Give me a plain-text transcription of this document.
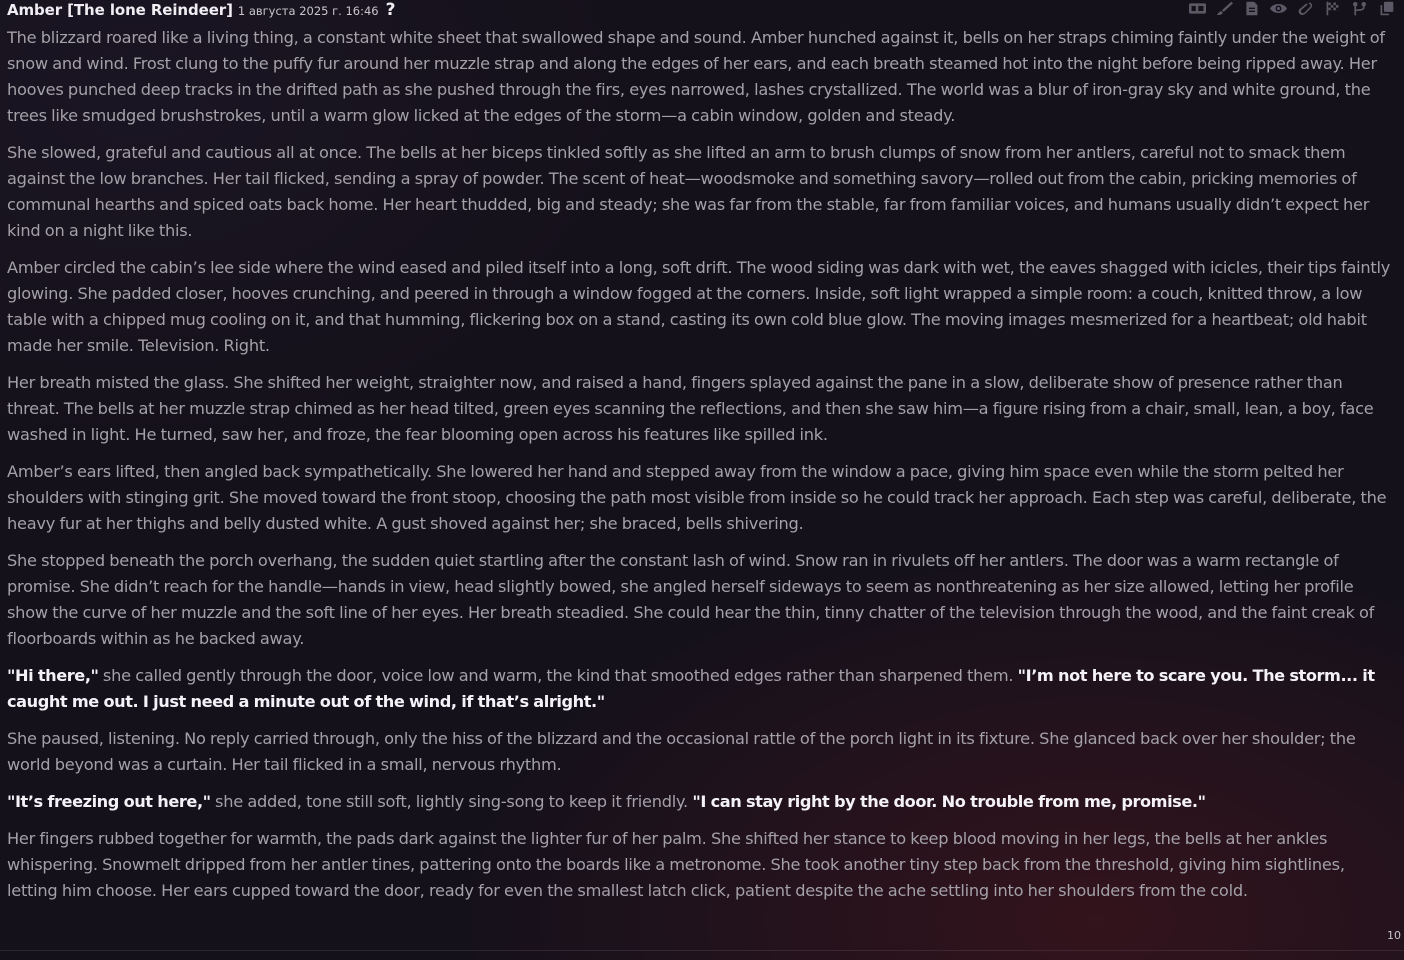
Amber [The lone Reindeer] 1 августа 2025 г. 16:46 ?

The blizzard roared like a living thing, a constant white sheet that swallowed shape and sound. Amber hunched against it, bells on her straps chiming faintly under the weight of snow and wind. Frost clung to the puffy fur around her muzzle strap and along the edges of her ears, and each breath steamed hot into the night before being ripped away. Her hooves punched deep tracks in the drifted path as she pushed through the firs, eyes narrowed, lashes crystallized. The world was a blur of iron-gray sky and white ground, the trees like smudged brushstrokes, until a warm glow licked at the edges of the storm—a cabin window, golden and steady.

She slowed, grateful and cautious all at once. The bells at her biceps tinkled softly as she lifted an arm to brush clumps of snow from her antlers, careful not to smack them against the low branches. Her tail flicked, sending a spray of powder. The scent of heat—woodsmoke and something savory—rolled out from the cabin, pricking memories of communal hearths and spiced oats back home. Her heart thudded, big and steady; she was far from the stable, far from familiar voices, and humans usually didn’t expect her kind on a night like this.

Amber circled the cabin’s lee side where the wind eased and piled itself into a long, soft drift. The wood siding was dark with wet, the eaves shagged with icicles, their tips faintly glowing. She padded closer, hooves crunching, and peered in through a window fogged at the corners. Inside, soft light wrapped a simple room: a couch, knitted throw, a low table with a chipped mug cooling on it, and that humming, flickering box on a stand, casting its own cold blue glow. The moving images mesmerized for a heartbeat; old habit made her smile. Television. Right.

Her breath misted the glass. She shifted her weight, straighter now, and raised a hand, fingers splayed against the pane in a slow, deliberate show of presence rather than threat. The bells at her muzzle strap chimed as her head tilted, green eyes scanning the reflections, and then she saw him—a figure rising from a chair, small, lean, a boy, face washed in light. He turned, saw her, and froze, the fear blooming open across his features like spilled ink.

Amber’s ears lifted, then angled back sympathetically. She lowered her hand and stepped away from the window a pace, giving him space even while the storm pelted her shoulders with stinging grit. She moved toward the front stoop, choosing the path most visible from inside so he could track her approach. Each step was careful, deliberate, the heavy fur at her thighs and belly dusted white. A gust shoved against her; she braced, bells shivering.

She stopped beneath the porch overhang, the sudden quiet startling after the constant lash of wind. Snow ran in rivulets off her antlers. The door was a warm rectangle of promise. She didn’t reach for the handle—hands in view, head slightly bowed, she angled herself sideways to seem as nonthreatening as her size allowed, letting her profile show the curve of her muzzle and the soft line of her eyes. Her breath steadied. She could hear the thin, tinny chatter of the television through the wood, and the faint creak of floorboards within as he backed away.

"Hi there," she called gently through the door, voice low and warm, the kind that smoothed edges rather than sharpened them. "I’m not here to scare you. The storm... it caught me out. I just need a minute out of the wind, if that’s alright."

She paused, listening. No reply carried through, only the hiss of the blizzard and the occasional rattle of the porch light in its fixture. She glanced back over her shoulder; the world beyond was a curtain. Her tail flicked in a small, nervous rhythm.

"It’s freezing out here," she added, tone still soft, lightly sing-song to keep it friendly. "I can stay right by the door. No trouble from me, promise."

Her fingers rubbed together for warmth, the pads dark against the lighter fur of her palm. She shifted her stance to keep blood moving in her legs, the bells at her ankles whispering. Snowmelt dripped from her antler tines, pattering onto the boards like a metronome. She took another tiny step back from the threshold, giving him sightlines, letting him choose. Her ears cupped toward the door, ready for even the smallest latch click, patient despite the ache settling into her shoulders from the cold.

10
